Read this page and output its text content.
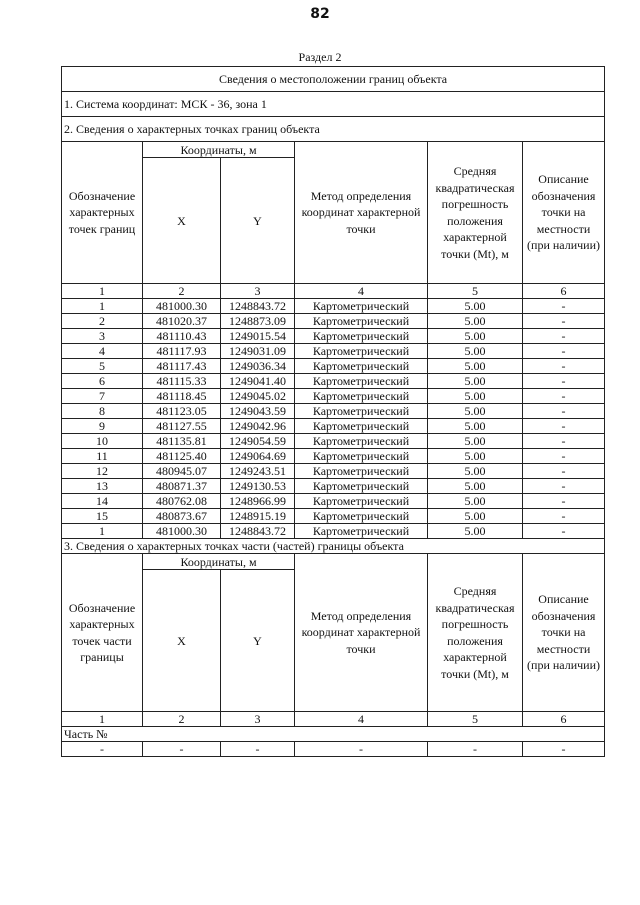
82
Раздел 2
Сведения о местоположении границ объекта					
1. Система координат: МСК - 36, зона 1					
2. Сведения о характерных точках границ объекта					
Обозначение характерных точек границ	Координаты, м		Метод определения координат характерной точки	Средняя квадратическая погрешность положения характерной точки (Mt), м	Описание обозначения точки на местности (при наличии)
	X	Y			
1	2	3	4	5	6
1	481000.30	1248843.72	Картометрический	5.00	-
2	481020.37	1248873.09	Картометрический	5.00	-
3	481110.43	1249015.54	Картометрический	5.00	-
4	481117.93	1249031.09	Картометрический	5.00	-
5	481117.43	1249036.34	Картометрический	5.00	-
6	481115.33	1249041.40	Картометрический	5.00	-
7	481118.45	1249045.02	Картометрический	5.00	-
8	481123.05	1249043.59	Картометрический	5.00	-
9	481127.55	1249042.96	Картометрический	5.00	-
10	481135.81	1249054.59	Картометрический	5.00	-
11	481125.40	1249064.69	Картометрический	5.00	-
12	480945.07	1249243.51	Картометрический	5.00	-
13	480871.37	1249130.53	Картометрический	5.00	-
14	480762.08	1248966.99	Картометрический	5.00	-
15	480873.67	1248915.19	Картометрический	5.00	-
1	481000.30	1248843.72	Картометрический	5.00	-
3. Сведения о характерных точках части (частей) границы объекта					
Обозначение характерных точек части границы	Координаты, м		Метод определения координат характерной точки	Средняя квадратическая погрешность положения характерной точки (Mt), м	Описание обозначения точки на местности (при наличии)
	X	Y			
1	2	3	4	5	6
Часть №					
-	-	-	-	-	-
